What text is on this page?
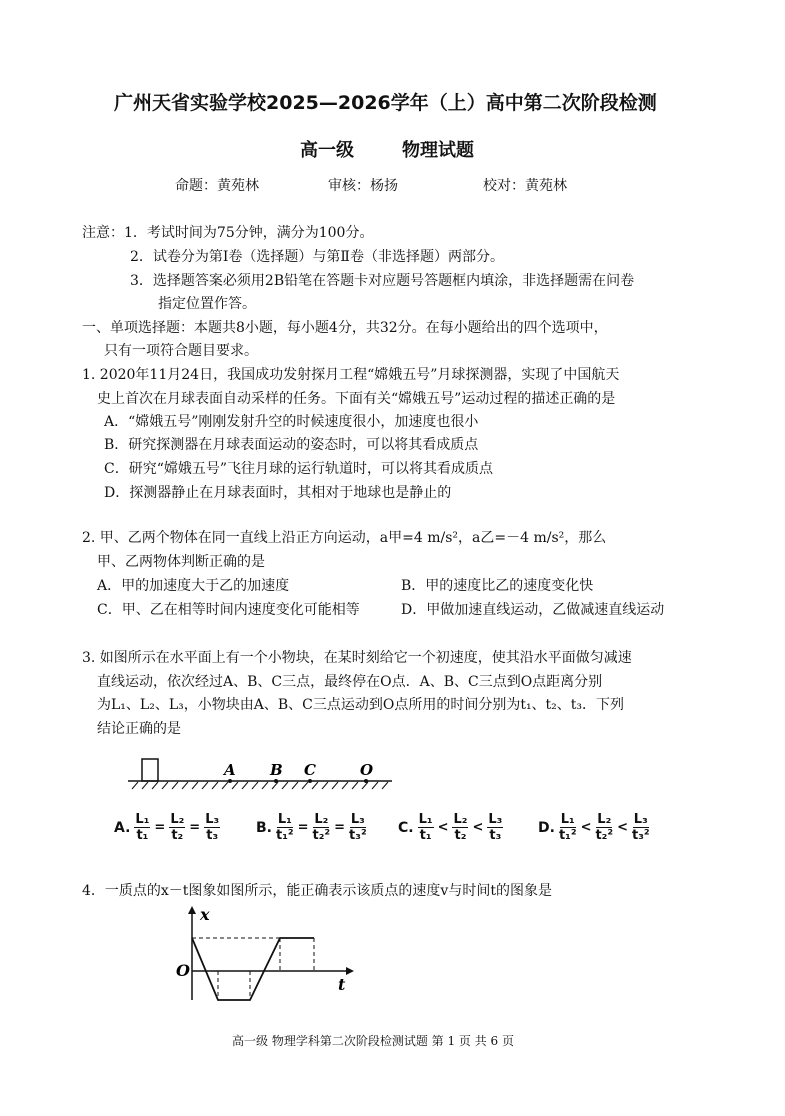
广州天省实验学校2025—2026学年（上）高中第二次阶段检测
高一级	物理试题
命题：黄苑林	审核：杨扬	校对：黄苑林
注意：1．考试时间为75分钟，满分为100分。
2．试卷分为第Ⅰ卷（选择题）与第Ⅱ卷（非选择题）两部分。
3．选择题答案必须用2B铅笔在答题卡对应题号答题框内填涂，非选择题需在问卷
指定位置作答。
一、单项选择题：本题共8小题，每小题4分，共32分。在每小题给出的四个选项中，
只有一项符合题目要求。
1. 2020年11月24日，我国成功发射探月工程“嫦娥五号”月球探测器，实现了中国航天
史上首次在月球表面自动采样的任务。下面有关“嫦娥五号”运动过程的描述正确的是
A．“嫦娥五号”刚刚发射升空的时候速度很小，加速度也很小
B．研究探测器在月球表面运动的姿态时，可以将其看成质点
C．研究“嫦娥五号”飞往月球的运行轨道时，可以将其看成质点
D．探测器静止在月球表面时，其相对于地球也是静止的
2. 甲、乙两个物体在同一直线上沿正方向运动，a甲=4 m/s²，a乙=－4 m/s²，那么
甲、乙两物体判断正确的是
A．甲的加速度大于乙的加速度	B．甲的速度比乙的速度变化快
C．甲、乙在相等时间内速度变化可能相等	D．甲做加速直线运动，乙做减速直线运动
3. 如图所示在水平面上有一个小物块，在某时刻给它一个初速度，使其沿水平面做匀减速
直线运动，依次经过A、B、C三点，最终停在O点．A、B、C三点到O点距离分别
为L₁、L₂、L₃，小物块由A、B、C三点运动到O点所用的时间分别为t₁、t₂、t₃．下列
结论正确的是
A B C	O
A. $\frac{\text{L₁}}{\text{t₁}} = \frac{\text{L₂}}{\text{t₂}} = \frac{\text{L₃}}{\text{t₃}}$	B. $\frac{\text{L₁}}{\text{t₁²}} = \frac{\text{L₂}}{\text{t₂²}} = \frac{\text{L₃}}{\text{t₃²}} C$. $\frac{\text{L₁}}{\text{t₁}} < \frac{\text{L₂}}{\text{t₂}} < \frac{\text{L₃}}{\text{t₃}} D$. $\frac{\text{L₁}}{\text{t₁²}} < \frac{\text{L₂}}{\text{t₂²}} < \frac{\text{L₃}}{\text{t₃²}}$
4．一质点的x－t图象如图所示，能正确表示该质点的速度v与时间t的图象是
x
t
O
高一级 物理学科第二次阶段检测试题 第 1 页 共 6 页
